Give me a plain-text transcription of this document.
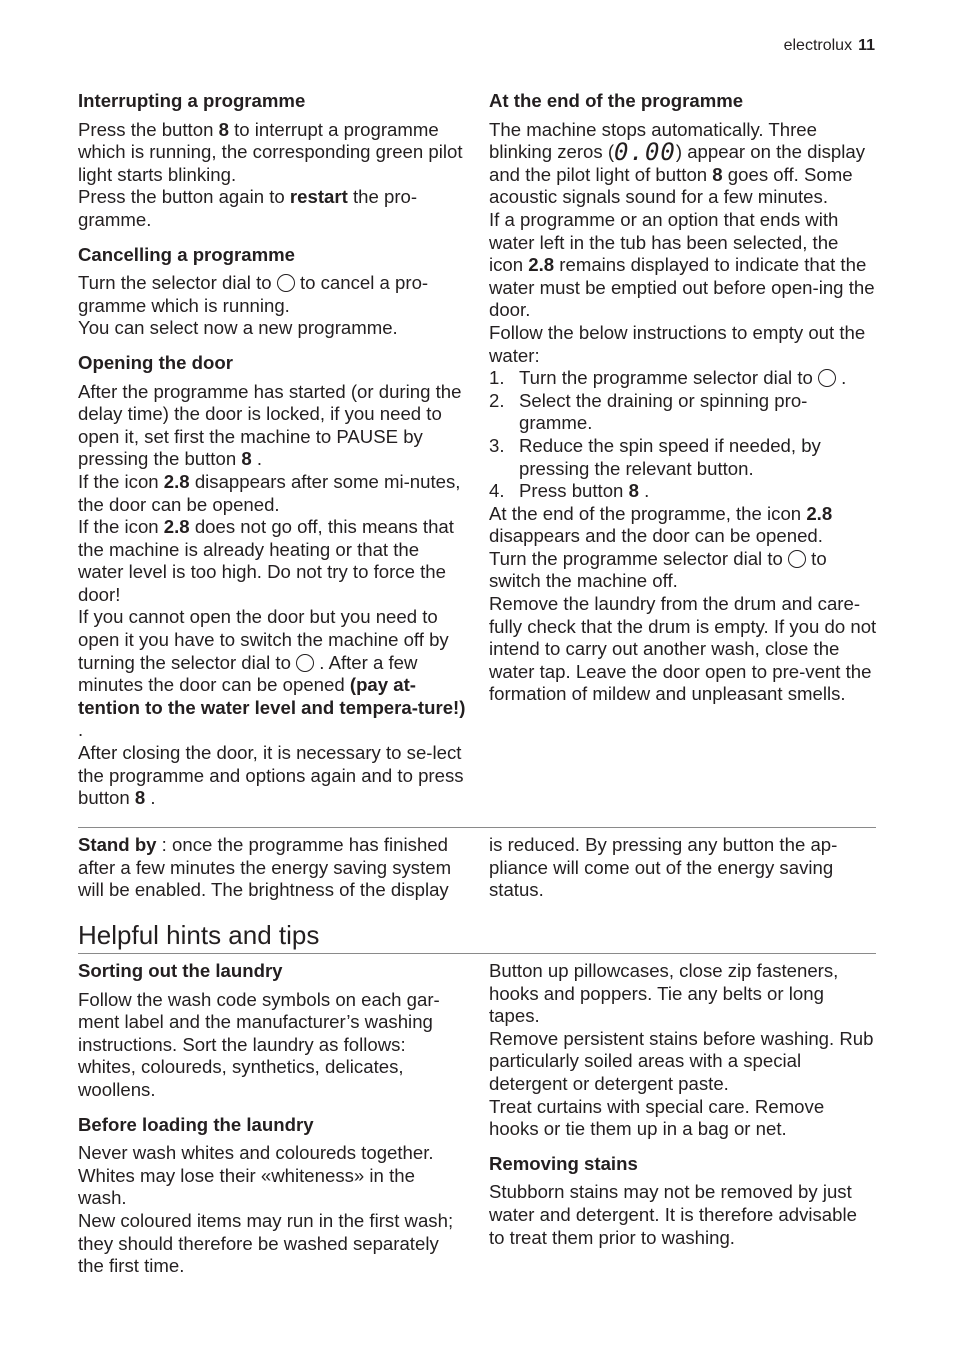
electrolux 11
Interrupting a programme

Press the button 8 to interrupt a programme which is running, the corresponding green pilot light starts blinking.

Press the button again to restart the pro-gramme.

Cancelling a programme

Turn the selector dial to  to cancel a pro-gramme which is running.

You can select now a new programme.

Opening the door

After the programme has started (or during the delay time) the door is locked, if you need to open it, set first the machine to PAUSE by pressing the button 8 .

If the icon 2.8 disappears after some mi-nutes, the door can be opened.

If the icon 2.8 does not go off, this means that the machine is already heating or that the water level is too high. Do not try to force the door!

If you cannot open the door but you need to open it you have to switch the machine off by turning the selector dial to  . After a few minutes the door can be opened (pay at-tention to the water level and tempera-ture!) .

After closing the door, it is necessary to se-lect the programme and options again and to press button 8 .

At the end of the programme

The machine stops automatically. Three blinking zeros (0.00) appear on the display and the pilot light of button 8 goes off. Some acoustic signals sound for a few minutes.

If a programme or an option that ends with water left in the tub has been selected, the icon 2.8 remains displayed to indicate that the water must be emptied out before open-ing the door.

Follow the below instructions to empty out the water:

1. Turn the programme selector dial to  .
2. Select the draining or spinning pro-gramme.
3. Reduce the spin speed if needed, by pressing the relevant button.
4. Press button 8 .

At the end of the programme, the icon 2.8 disappears and the door can be opened.

Turn the programme selector dial to  to switch the machine off.

Remove the laundry from the drum and care-fully check that the drum is empty. If you do not intend to carry out another wash, close the water tap. Leave the door open to pre-vent the formation of mildew and unpleasant smells.

Stand by : once the programme has finished after a few minutes the energy saving system will be enabled. The brightness of the display

is reduced. By pressing any button the ap-pliance will come out of the energy saving status.

Helpful hints and tips
Sorting out the laundry

Follow the wash code symbols on each gar-ment label and the manufacturer’s washing instructions. Sort the laundry as follows: whites, coloureds, synthetics, delicates, woollens.

Before loading the laundry

Never wash whites and coloureds together. Whites may lose their «whiteness» in the wash.

New coloured items may run in the first wash; they should therefore be washed separately the first time.

Button up pillowcases, close zip fasteners, hooks and poppers. Tie any belts or long tapes.

Remove persistent stains before washing. Rub particularly soiled areas with a special detergent or detergent paste.

Treat curtains with special care. Remove hooks or tie them up in a bag or net.

Removing stains

Stubborn stains may not be removed by just water and detergent. It is therefore advisable to treat them prior to washing.
